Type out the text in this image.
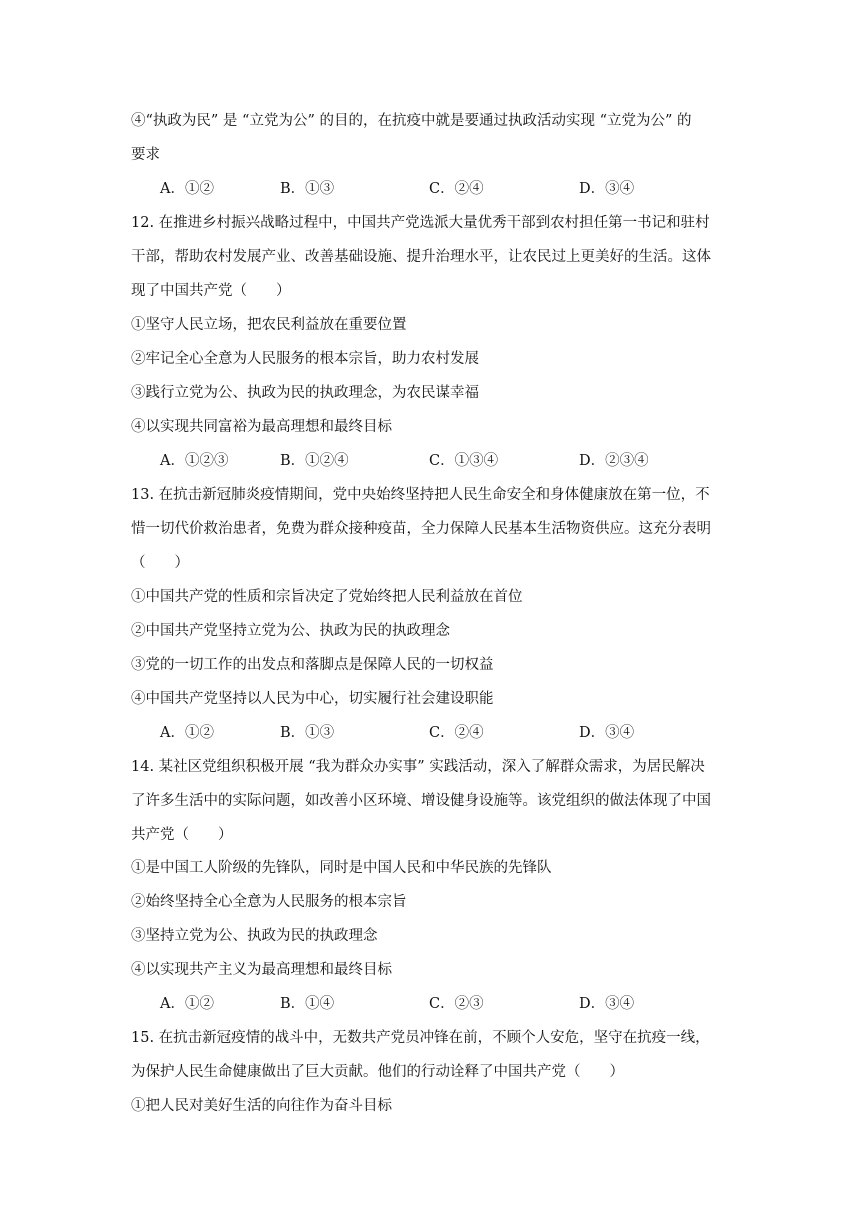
④“执政为民” 是 “立党为公” 的目的，在抗疫中就是要通过执政活动实现 “立党为公” 的
要求
A．①②	B．①③	C．②④	D．③④
12. 在推进乡村振兴战略过程中，中国共产党选派大量优秀干部到农村担任第一书记和驻村
干部，帮助农村发展产业、改善基础设施、提升治理水平，让农民过上更美好的生活。这体
现了中国共产党（　　）
①坚守人民立场，把农民利益放在重要位置
②牢记全心全意为人民服务的根本宗旨，助力农村发展
③践行立党为公、执政为民的执政理念，为农民谋幸福
④以实现共同富裕为最高理想和最终目标
A．①②③	B．①②④	C．①③④	D．②③④
13. 在抗击新冠肺炎疫情期间，党中央始终坚持把人民生命安全和身体健康放在第一位，不
惜一切代价救治患者，免费为群众接种疫苗，全力保障人民基本生活物资供应。这充分表明
（　　）
①中国共产党的性质和宗旨决定了党始终把人民利益放在首位
②中国共产党坚持立党为公、执政为民的执政理念
③党的一切工作的出发点和落脚点是保障人民的一切权益
④中国共产党坚持以人民为中心，切实履行社会建设职能
A．①②	B．①③	C．②④	D．③④
14. 某社区党组织积极开展 “我为群众办实事” 实践活动，深入了解群众需求，为居民解决
了许多生活中的实际问题，如改善小区环境、增设健身设施等。该党组织的做法体现了中国
共产党（　　）
①是中国工人阶级的先锋队，同时是中国人民和中华民族的先锋队
②始终坚持全心全意为人民服务的根本宗旨
③坚持立党为公、执政为民的执政理念
④以实现共产主义为最高理想和最终目标
A．①②	B．①④	C．②③	D．③④
15. 在抗击新冠疫情的战斗中，无数共产党员冲锋在前，不顾个人安危，坚守在抗疫一线，
为保护人民生命健康做出了巨大贡献。他们的行动诠释了中国共产党（　　）
①把人民对美好生活的向往作为奋斗目标
